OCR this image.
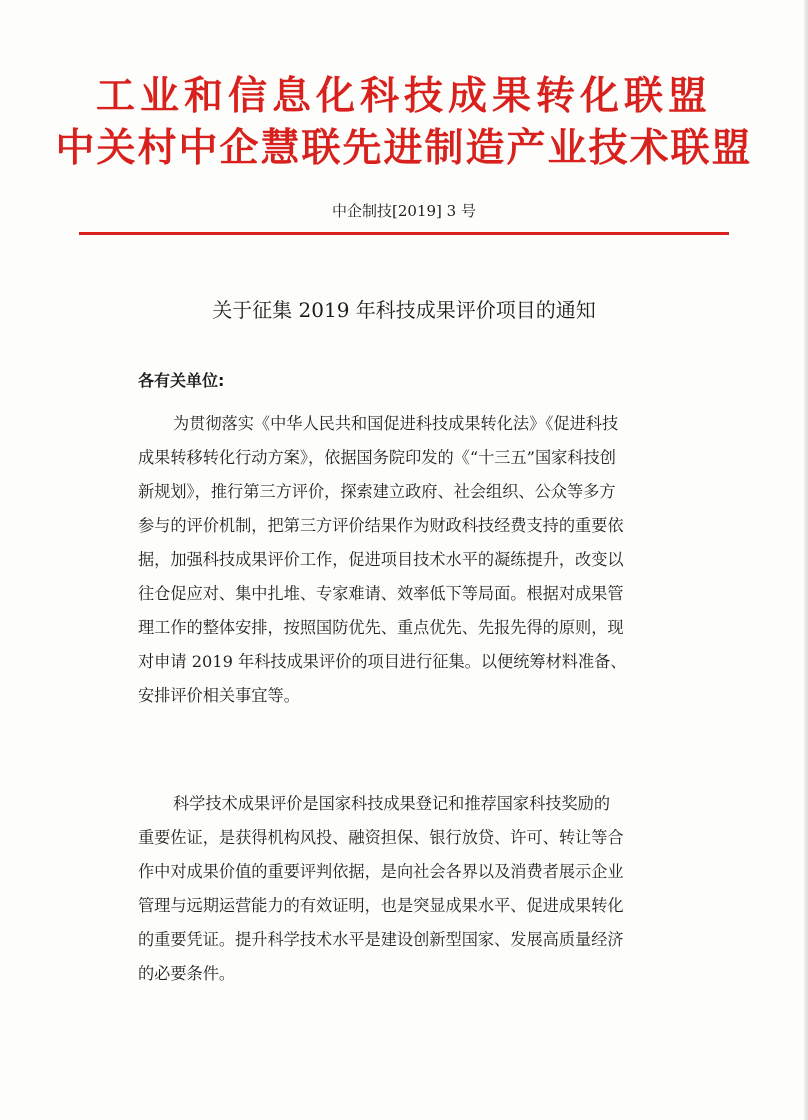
工业和信息化科技成果转化联盟
中关村中企慧联先进制造产业技术联盟
中企制技[2019] 3 号
关于征集 2019 年科技成果评价项目的通知
各有关单位:
为贯彻落实《中华人民共和国促进科技成果转化法》《促进科技
成果转移转化行动方案》，依据国务院印发的《“十三五”国家科技创
新规划》，推行第三方评价，探索建立政府、社会组织、公众等多方
参与的评价机制，把第三方评价结果作为财政科技经费支持的重要依
据，加强科技成果评价工作，促进项目技术水平的凝练提升，改变以
往仓促应对、集中扎堆、专家难请、效率低下等局面。根据对成果管
理工作的整体安排，按照国防优先、重点优先、先报先得的原则，现
对申请 2019 年科技成果评价的项目进行征集。以便统筹材料准备、
安排评价相关事宜等。
科学技术成果评价是国家科技成果登记和推荐国家科技奖励的
重要佐证，是获得机构风投、融资担保、银行放贷、许可、转让等合
作中对成果价值的重要评判依据，是向社会各界以及消费者展示企业
管理与远期运营能力的有效证明，也是突显成果水平、促进成果转化
的重要凭证。提升科学技术水平是建设创新型国家、发展高质量经济
的必要条件。
